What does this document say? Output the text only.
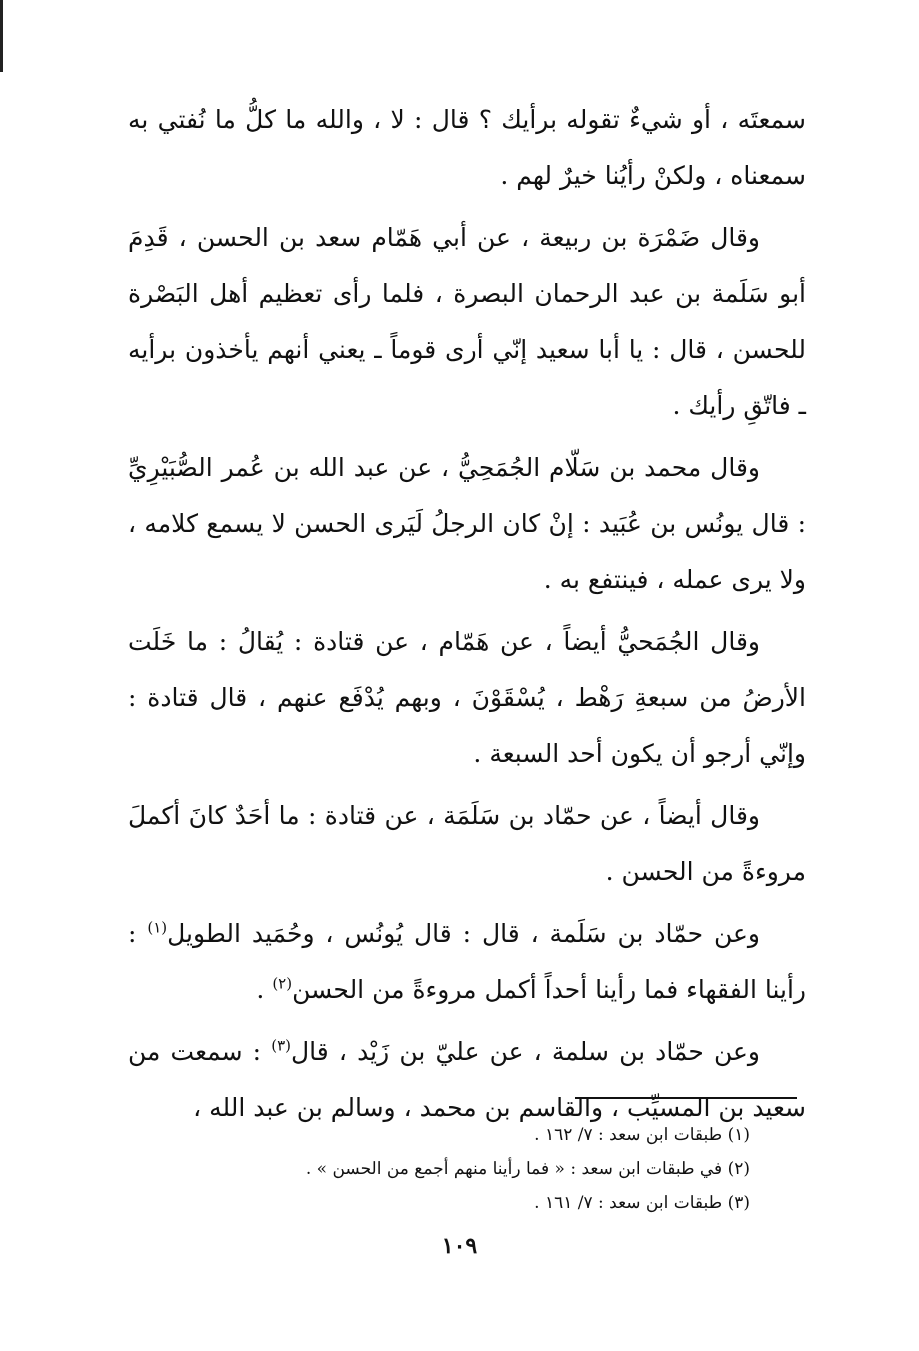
سمعتَه ، أو شيءٌ تقوله برأيك ؟ قال : لا ، والله ما كلُّ ما نُفتي به سمعناه ، ولكنْ رأيُنا خيرٌ لهم .

وقال ضَمْرَة بن ربيعة ، عن أبي هَمّام سعد بن الحسن ، قَدِمَ أبو سَلَمة بن عبد الرحمان البصرة ، فلما رأى تعظيم أهل البَصْرة للحسن ، قال : يا أبا سعيد إنّي أرى قوماً ـ يعني أنهم يأخذون برأيه ـ فاتّقِ رأيك .

وقال محمد بن سَلّام الجُمَحِيُّ ، عن عبد الله بن عُمر الصُّبَيْرِيِّ : قال يونُس بن عُبَيد : إنْ كان الرجلُ لَيَرى الحسن لا يسمع كلامه ، ولا يرى عمله ، فينتفع به .

وقال الجُمَحيُّ أيضاً ، عن هَمّام ، عن قتادة : يُقالُ : ما خَلَت الأرضُ من سبعةِ رَهْط ، يُسْقَوْنَ ، وبهم يُدْفَع عنهم ، قال قتادة : وإنّي أرجو أن يكون أحد السبعة .

وقال أيضاً ، عن حمّاد بن سَلَمَة ، عن قتادة : ما أحَدٌ كانَ أكملَ مروءةً من الحسن .

وعن حمّاد بن سَلَمة ، قال : قال يُونُس ، وحُمَيد الطويل$^{(١)}$ : رأينا الفقهاء فما رأينا أحداً أكمل مروءةً من الحسن$^{(٢)}$ .

وعن حمّاد بن سلمة ، عن عليّ بن زَيْد ، قال$^{(٣)}$ : سمعت من سعيد بن المسيِّب ، والقاسم بن محمد ، وسالم بن عبد الله ،

(١) طبقات ابن سعد : ٧/ ١٦٢ .

(٢) في طبقات ابن سعد : « فما رأينا منهم أجمع من الحسن » .

(٣) طبقات ابن سعد : ٧/ ١٦١ .

١٠٩
